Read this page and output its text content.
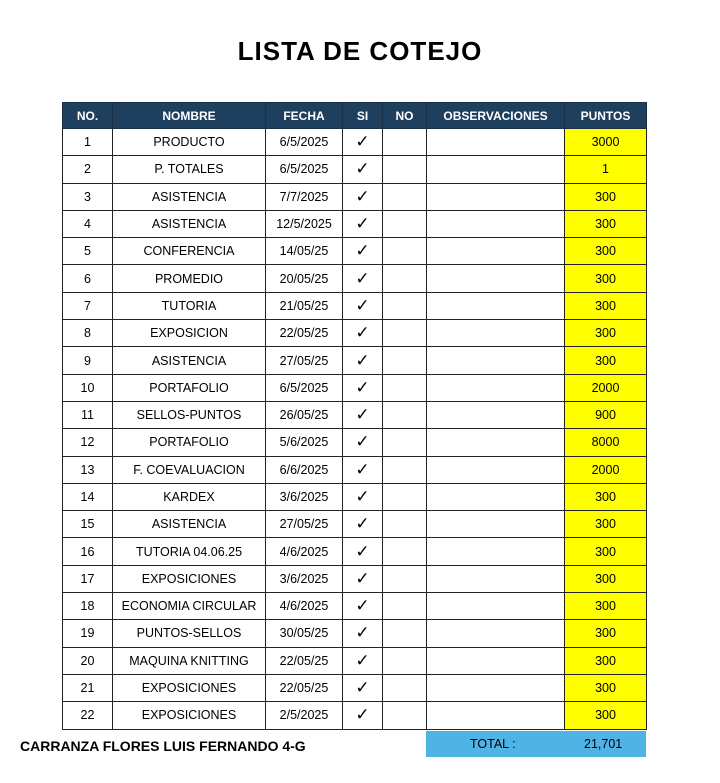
LISTA DE COTEJO
NO.	NOMBRE	FECHA	SI	NO	OBSERVACIONES	PUNTOS
1	PRODUCTO	6/5/2025	✓			3000
2	P. TOTALES	6/5/2025	✓			1
3	ASISTENCIA	7/7/2025	✓			300
4	ASISTENCIA	12/5/2025	✓			300
5	CONFERENCIA	14/05/25	✓			300
6	PROMEDIO	20/05/25	✓			300
7	TUTORIA	21/05/25	✓			300
8	EXPOSICION	22/05/25	✓			300
9	ASISTENCIA	27/05/25	✓			300
10	PORTAFOLIO	6/5/2025	✓			2000
11	SELLOS-PUNTOS	26/05/25	✓			900
12	PORTAFOLIO	5/6/2025	✓			8000
13	F. COEVALUACION	6/6/2025	✓			2000
14	KARDEX	3/6/2025	✓			300
15	ASISTENCIA	27/05/25	✓			300
16	TUTORIA 04.06.25	4/6/2025	✓			300
17	EXPOSICIONES	3/6/2025	✓			300
18	ECONOMIA CIRCULAR	4/6/2025	✓			300
19	PUNTOS-SELLOS	30/05/25	✓			300
20	MAQUINA KNITTING	22/05/25	✓			300
21	EXPOSICIONES	22/05/25	✓			300
22	EXPOSICIONES	2/5/2025	✓			300
CARRANZA FLORES LUIS FERNANDO 4-G	TOTAL :	21,701
